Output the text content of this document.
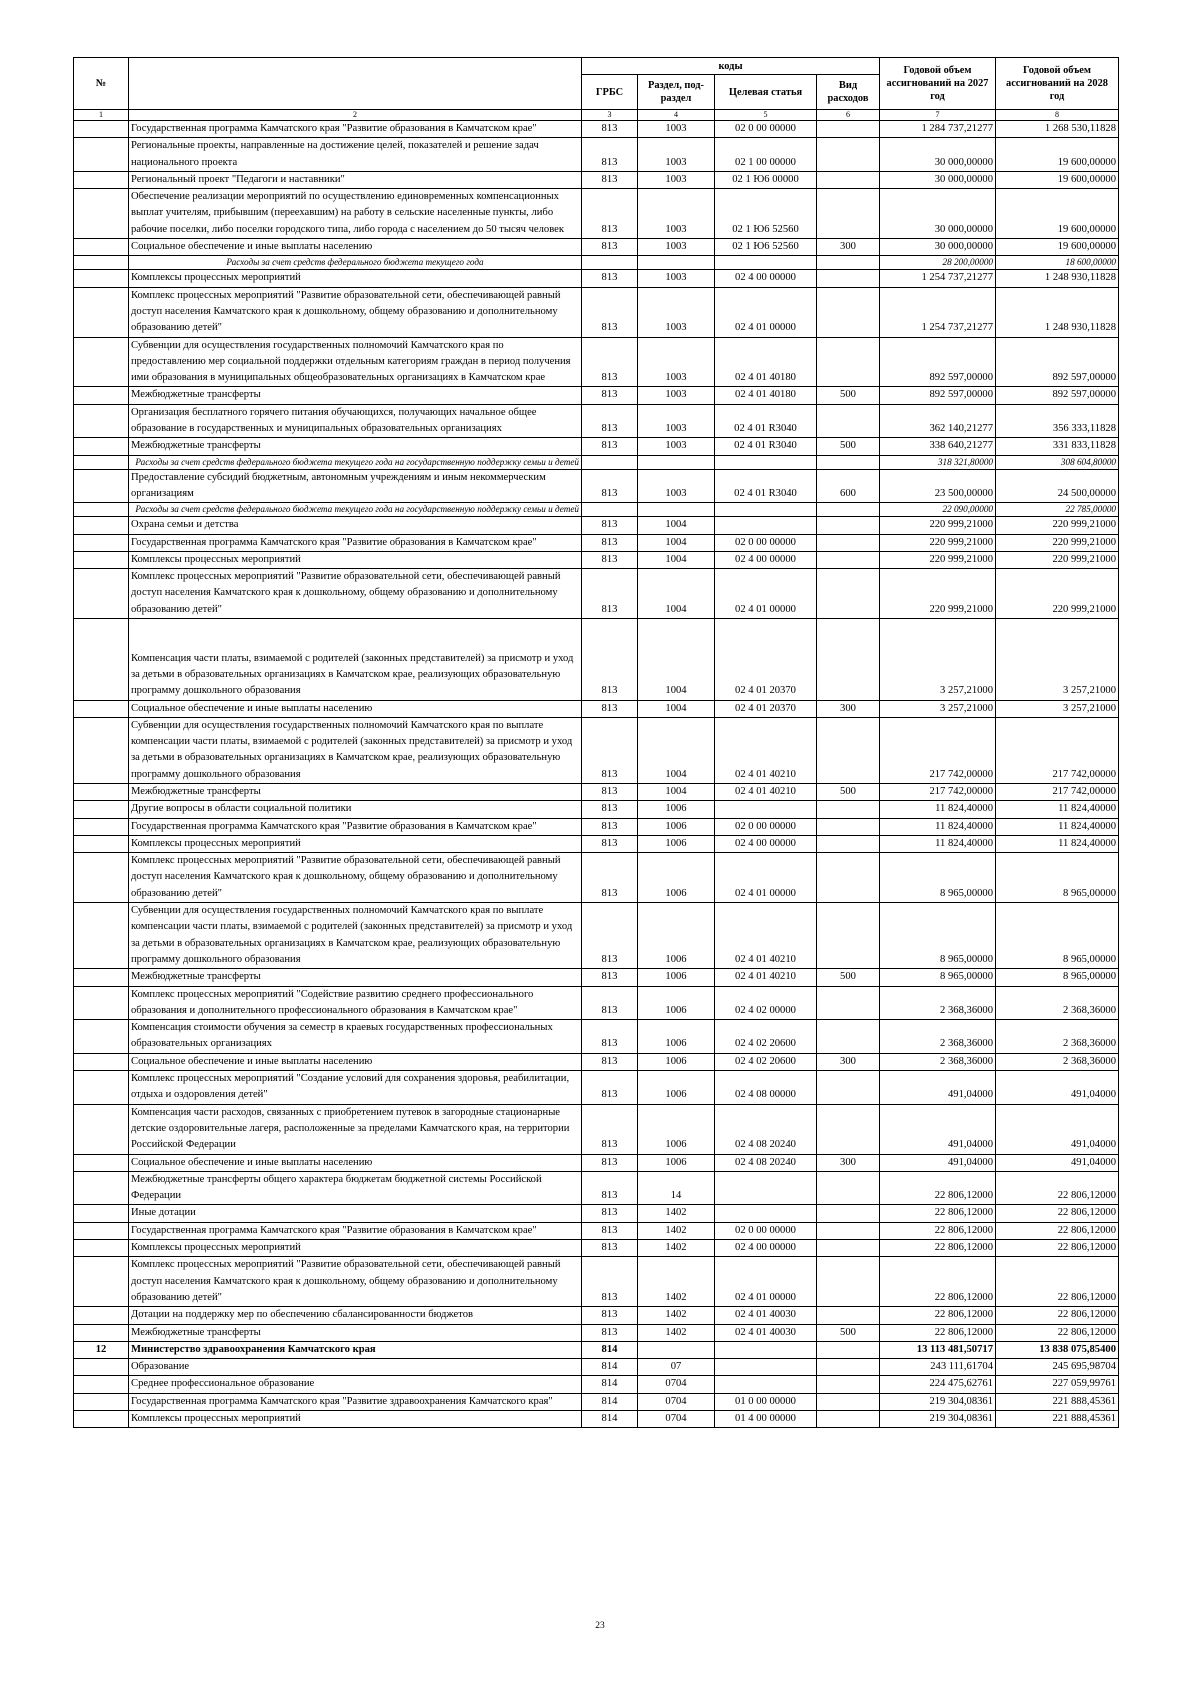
№		коды				Годовой объем ассигнований на 2027 год	Годовой объем ассигнований на 2028 год
		ГРБС	Раздел, под-раздел	Целевая статья	Вид расходов		
1	2	3	4	5	6	7	8
	Государственная программа Камчатского края "Развитие образования в Камчатском крае"	813	1003	02 0 00 00000		1 284 737,21277	1 268 530,11828
	Региональные проекты, направленные на достижение целей, показателей и решение задач национального проекта	813	1003	02 1 00 00000		30 000,00000	19 600,00000
	Региональный проект "Педагоги и наставники"	813	1003	02 1 Ю6 00000		30 000,00000	19 600,00000
	Обеспечение реализации мероприятий по осуществлению единовременных компенсационных выплат учителям, прибывшим (переехавшим) на работу в сельские населенные пункты, либо рабочие поселки, либо поселки городского типа, либо города с населением до 50 тысяч человек	813	1003	02 1 Ю6 52560		30 000,00000	19 600,00000
	Социальное обеспечение и иные выплаты населению	813	1003	02 1 Ю6 52560	300	30 000,00000	19 600,00000
	Расходы за счет средств федерального бюджета текущего года					28 200,00000	18 600,00000
	Комплексы процессных мероприятий	813	1003	02 4 00 00000		1 254 737,21277	1 248 930,11828
	Комплекс процессных мероприятий "Развитие образовательной сети, обеспечивающей равный доступ населения Камчатского края к дошкольному, общему образованию и дополнительному образованию детей"	813	1003	02 4 01 00000		1 254 737,21277	1 248 930,11828
	Субвенции для осуществления государственных полномочий Камчатского края по предоставлению мер социальной поддержки отдельным категориям граждан в период получения ими образования в муниципальных общеобразовательных организациях в Камчатском крае	813	1003	02 4 01 40180		892 597,00000	892 597,00000
	Межбюджетные трансферты	813	1003	02 4 01 40180	500	892 597,00000	892 597,00000
	Организация бесплатного горячего питания обучающихся, получающих начальное общее образование в государственных и муниципальных образовательных организациях	813	1003	02 4 01 R3040		362 140,21277	356 333,11828
	Межбюджетные трансферты	813	1003	02 4 01 R3040	500	338 640,21277	331 833,11828
	Расходы за счет средств федерального бюджета текущего года на государственную поддержку семьи и детей					318 321,80000	308 604,80000
	Предоставление субсидий бюджетным, автономным учреждениям и иным некоммерческим организациям	813	1003	02 4 01 R3040	600	23 500,00000	24 500,00000
	Расходы за счет средств федерального бюджета текущего года на государственную поддержку семьи и детей					22 090,00000	22 785,00000
	Охрана семьи и детства	813	1004			220 999,21000	220 999,21000
	Государственная программа Камчатского края "Развитие образования в Камчатском крае"	813	1004	02 0 00 00000		220 999,21000	220 999,21000
	Комплексы процессных мероприятий	813	1004	02 4 00 00000		220 999,21000	220 999,21000
	Комплекс процессных мероприятий "Развитие образовательной сети, обеспечивающей равный доступ населения Камчатского края к дошкольному, общему образованию и дополнительному образованию детей"	813	1004	02 4 01 00000		220 999,21000	220 999,21000
	Компенсация части платы, взимаемой с родителей (законных представителей) за присмотр и уход за детьми в образовательных организациях в Камчатском крае, реализующих образовательную программу дошкольного образования	813	1004	02 4 01 20370		3 257,21000	3 257,21000
	Социальное обеспечение и иные выплаты населению	813	1004	02 4 01 20370	300	3 257,21000	3 257,21000
	Субвенции для осуществления государственных полномочий Камчатского края по выплате компенсации части платы, взимаемой с родителей (законных представителей) за присмотр и уход за детьми в образовательных организациях в Камчатском крае, реализующих образовательную программу дошкольного образования	813	1004	02 4 01 40210		217 742,00000	217 742,00000
	Межбюджетные трансферты	813	1004	02 4 01 40210	500	217 742,00000	217 742,00000
	Другие вопросы в области социальной политики	813	1006			11 824,40000	11 824,40000
	Государственная программа Камчатского края "Развитие образования в Камчатском крае"	813	1006	02 0 00 00000		11 824,40000	11 824,40000
	Комплексы процессных мероприятий	813	1006	02 4 00 00000		11 824,40000	11 824,40000
	Комплекс процессных мероприятий "Развитие образовательной сети, обеспечивающей равный доступ населения Камчатского края к дошкольному, общему образованию и дополнительному образованию детей"	813	1006	02 4 01 00000		8 965,00000	8 965,00000
	Субвенции для осуществления государственных полномочий Камчатского края по выплате компенсации части платы, взимаемой с родителей (законных представителей) за присмотр и уход за детьми в образовательных организациях в Камчатском крае, реализующих образовательную программу дошкольного образования	813	1006	02 4 01 40210		8 965,00000	8 965,00000
	Межбюджетные трансферты	813	1006	02 4 01 40210	500	8 965,00000	8 965,00000
	Комплекс процессных мероприятий "Содействие развитию среднего профессионального образования и дополнительного профессионального образования в Камчатском крае"	813	1006	02 4 02 00000		2 368,36000	2 368,36000
	Компенсация стоимости обучения за семестр в краевых государственных профессиональных образовательных организациях	813	1006	02 4 02 20600		2 368,36000	2 368,36000
	Социальное обеспечение и иные выплаты населению	813	1006	02 4 02 20600	300	2 368,36000	2 368,36000
	Комплекс процессных мероприятий "Создание условий для сохранения здоровья, реабилитации, отдыха и оздоровления детей"	813	1006	02 4 08 00000		491,04000	491,04000
	Компенсация части расходов, связанных с приобретением путевок в загородные стационарные детские оздоровительные лагеря, расположенные за пределами Камчатского края, на территории Российской Федерации	813	1006	02 4 08 20240		491,04000	491,04000
	Социальное обеспечение и иные выплаты населению	813	1006	02 4 08 20240	300	491,04000	491,04000
	Межбюджетные трансферты общего характера бюджетам бюджетной системы Российской Федерации	813	14			22 806,12000	22 806,12000
	Иные дотации	813	1402			22 806,12000	22 806,12000
	Государственная программа Камчатского края "Развитие образования в Камчатском крае"	813	1402	02 0 00 00000		22 806,12000	22 806,12000
	Комплексы процессных мероприятий	813	1402	02 4 00 00000		22 806,12000	22 806,12000
	Комплекс процессных мероприятий "Развитие образовательной сети, обеспечивающей равный доступ населения Камчатского края к дошкольному, общему образованию и дополнительному образованию детей"	813	1402	02 4 01 00000		22 806,12000	22 806,12000
	Дотации на поддержку мер по обеспечению сбалансированности бюджетов	813	1402	02 4 01 40030		22 806,12000	22 806,12000
	Межбюджетные трансферты	813	1402	02 4 01 40030	500	22 806,12000	22 806,12000
12	Министерство здравоохранения Камчатского края	814				13 113 481,50717	13 838 075,85400
	Образование	814	07			243 111,61704	245 695,98704
	Среднее профессиональное образование	814	0704			224 475,62761	227 059,99761
	Государственная программа Камчатского края "Развитие здравоохранения Камчатского края"	814	0704	01 0 00 00000		219 304,08361	221 888,45361
	Комплексы процессных мероприятий	814	0704	01 4 00 00000		219 304,08361	221 888,45361
23
